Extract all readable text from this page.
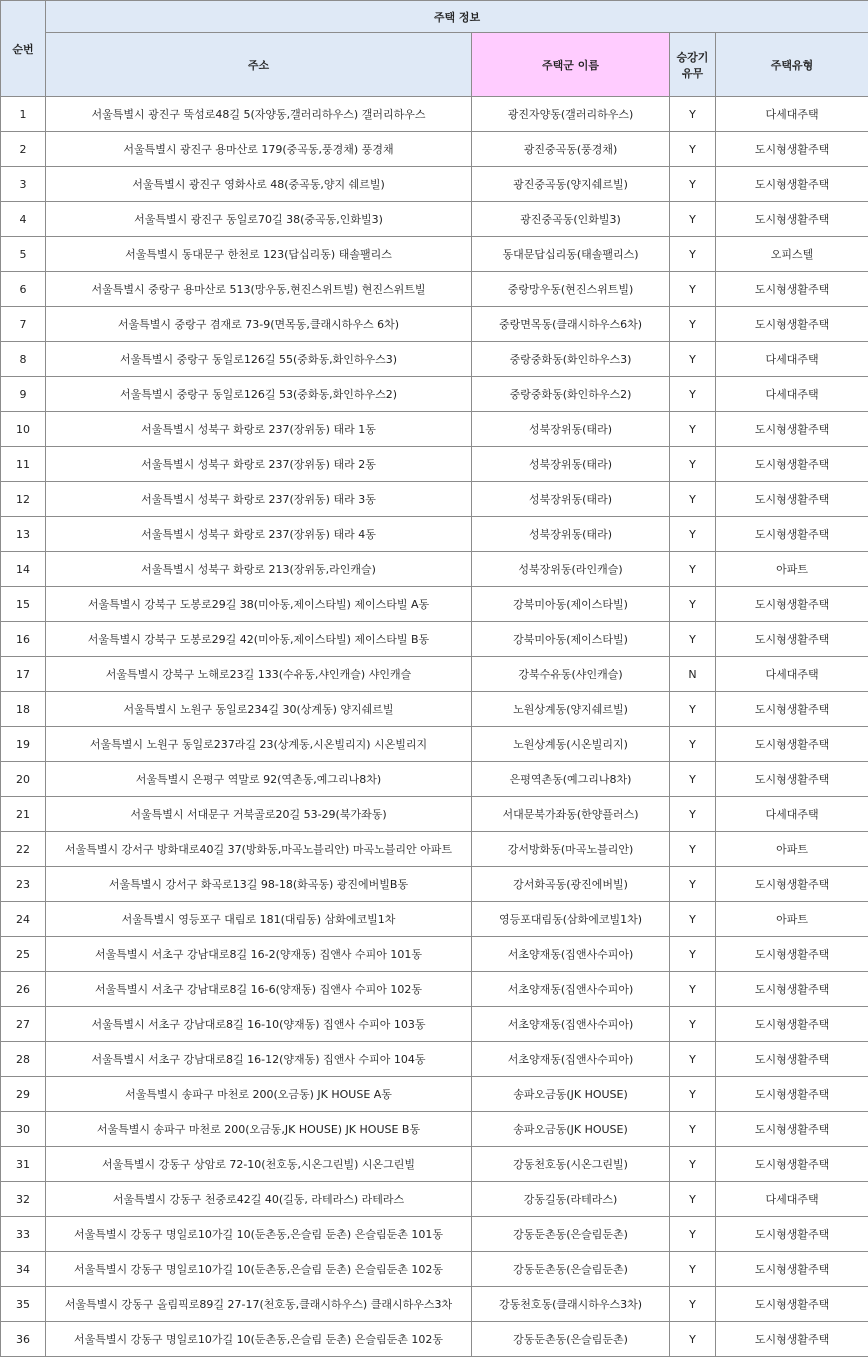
순번	주택 정보			
	주소	주택군 이름	승강기 유무	주택유형
1	서울특별시 광진구 뚝섬로48길 5(자양동,갤러리하우스) 갤러리하우스	광진자양동(갤러리하우스)	Y	다세대주택
2	서울특별시 광진구 용마산로 179(중곡동,풍경채) 풍경채	광진중곡동(풍경채)	Y	도시형생활주택
3	서울특별시 광진구 영화사로 48(중곡동,양지 쉐르빌)	광진중곡동(양지쉐르빌)	Y	도시형생활주택
4	서울특별시 광진구 동일로70길 38(중곡동,인화빌3)	광진중곡동(인화빌3)	Y	도시형생활주택
5	서울특별시 동대문구 한천로 123(답십리동) 태솔팰리스	동대문답십리동(태솔팰리스)	Y	오피스텔
6	서울특별시 중랑구 용마산로 513(망우동,현진스위트빌) 현진스위트빌	중랑망우동(현진스위트빌)	Y	도시형생활주택
7	서울특별시 중랑구 겸재로 73-9(면목동,클래시하우스 6차)	중랑면목동(클래시하우스6차)	Y	도시형생활주택
8	서울특별시 중랑구 동일로126길 55(중화동,화인하우스3)	중랑중화동(화인하우스3)	Y	다세대주택
9	서울특별시 중랑구 동일로126길 53(중화동,화인하우스2)	중랑중화동(화인하우스2)	Y	다세대주택
10	서울특별시 성북구 화랑로 237(장위동) 태라 1동	성북장위동(태라)	Y	도시형생활주택
11	서울특별시 성북구 화랑로 237(장위동) 태라 2동	성북장위동(태라)	Y	도시형생활주택
12	서울특별시 성북구 화랑로 237(장위동) 태라 3동	성북장위동(태라)	Y	도시형생활주택
13	서울특별시 성북구 화랑로 237(장위동) 태라 4동	성북장위동(태라)	Y	도시형생활주택
14	서울특별시 성북구 화랑로 213(장위동,라인캐슬)	성북장위동(라인캐슬)	Y	아파트
15	서울특별시 강북구 도봉로29길 38(미아동,제이스타빌) 제이스타빌 A동	강북미아동(제이스타빌)	Y	도시형생활주택
16	서울특별시 강북구 도봉로29길 42(미아동,제이스타빌) 제이스타빌 B동	강북미아동(제이스타빌)	Y	도시형생활주택
17	서울특별시 강북구 노해로23길 133(수유동,샤인캐슬) 샤인캐슬	강북수유동(샤인캐슬)	N	다세대주택
18	서울특별시 노원구 동일로234길 30(상계동) 양지쉐르빌	노원상계동(양지쉐르빌)	Y	도시형생활주택
19	서울특별시 노원구 동일로237라길 23(상계동,시온빌리지) 시온빌리지	노원상계동(시온빌리지)	Y	도시형생활주택
20	서울특별시 은평구 역말로 92(역촌동,예그리나8차)	은평역촌동(예그리나8차)	Y	도시형생활주택
21	서울특별시 서대문구 거북골로20길 53-29(북가좌동)	서대문북가좌동(한양플러스)	Y	다세대주택
22	서울특별시 강서구 방화대로40길 37(방화동,마곡노블리안) 마곡노블리안 아파트	강서방화동(마곡노블리안)	Y	아파트
23	서울특별시 강서구 화곡로13길 98-18(화곡동) 광진에버빌B동	강서화곡동(광진에버빌)	Y	도시형생활주택
24	서울특별시 영등포구 대림로 181(대림동) 삼화에코빌1차	영등포대림동(삼화에코빌1차)	Y	아파트
25	서울특별시 서초구 강남대로8길 16-2(양재동) 집앤사 수피아 101동	서초양재동(집앤사수피아)	Y	도시형생활주택
26	서울특별시 서초구 강남대로8길 16-6(양재동) 집앤사 수피아 102동	서초양재동(집앤사수피아)	Y	도시형생활주택
27	서울특별시 서초구 강남대로8길 16-10(양재동) 집앤사 수피아 103동	서초양재동(집앤사수피아)	Y	도시형생활주택
28	서울특별시 서초구 강남대로8길 16-12(양재동) 집앤사 수피아 104동	서초양재동(집앤사수피아)	Y	도시형생활주택
29	서울특별시 송파구 마천로 200(오금동) JK HOUSE A동	송파오금동(JK HOUSE)	Y	도시형생활주택
30	서울특별시 송파구 마천로 200(오금동,JK HOUSE) JK HOUSE B동	송파오금동(JK HOUSE)	Y	도시형생활주택
31	서울특별시 강동구 상암로 72-10(천호동,시온그린빌) 시온그린빌	강동천호동(시온그린빌)	Y	도시형생활주택
32	서울특별시 강동구 천중로42길 40(길동, 라테라스) 라테라스	강동길동(라테라스)	Y	다세대주택
33	서울특별시 강동구 명일로10가길 10(둔촌동,은슬림 둔촌) 은슬림둔촌 101동	강동둔촌동(은슬림둔촌)	Y	도시형생활주택
34	서울특별시 강동구 명일로10가길 10(둔촌동,은슬림 둔촌) 은슬림둔촌 102동	강동둔촌동(은슬림둔촌)	Y	도시형생활주택
35	서울특별시 강동구 올림픽로89길 27-17(천호동,클래시하우스) 클래시하우스3차	강동천호동(클래시하우스3차)	Y	도시형생활주택
36	서울특별시 강동구 명일로10가길 10(둔촌동,은슬림 둔촌) 은슬림둔촌 102동	강동둔촌동(은슬림둔촌)	Y	도시형생활주택
